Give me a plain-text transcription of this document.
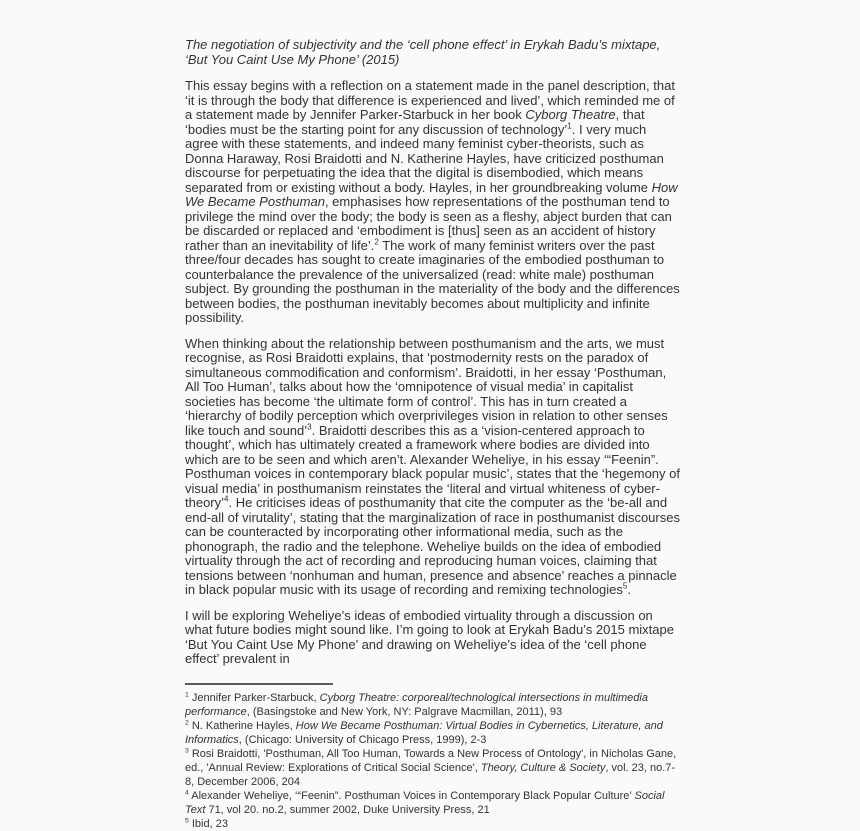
The negotiation of subjectivity and the ‘cell phone effect’ in Erykah Badu’s mixtape, ‘But You Caint Use My Phone’ (2015)

This essay begins with a reflection on a statement made in the panel description, that ‘it is through the body that difference is experienced and lived’, which reminded me of a statement made by Jennifer Parker-Starbuck in her book Cyborg Theatre, that ‘bodies must be the starting point for any discussion of technology’$^1$. I very much agree with these statements, and indeed many feminist cyber-theorists, such as Donna Haraway, Rosi Braidotti and N. Katherine Hayles, have criticized posthuman discourse for perpetuating the idea that the digital is disembodied, which means separated from or existing without a body. Hayles, in her groundbreaking volume How We Became Posthuman, emphasises how representations of the posthuman tend to privilege the mind over the body; the body is seen as a fleshy, abject burden that can be discarded or replaced and ‘embodiment is [thus] seen as an accident of history rather than an inevitability of life’.$^2$ The work of many feminist writers over the past three/four decades has sought to create imaginaries of the embodied posthuman to counterbalance the prevalence of the universalized (read: white male) posthuman subject. By grounding the posthuman in the materiality of the body and the differences between bodies, the posthuman inevitably becomes about multiplicity and infinite possibility.

When thinking about the relationship between posthumanism and the arts, we must recognise, as Rosi Braidotti explains, that ‘postmodernity rests on the paradox of simultaneous commodification and conformism’. Braidotti, in her essay ‘Posthuman, All Too Human’, talks about how the ‘omnipotence of visual media’ in capitalist societies has become ‘the ultimate form of control’. This has in turn created a ‘hierarchy of bodily perception which overprivileges vision in relation to other senses like touch and sound’$^3$. Braidotti describes this as a ‘vision-centered approach to thought’, which has ultimately created a framework where bodies are divided into which are to be seen and which aren’t. Alexander Weheliye, in his essay ‘“Feenin”. Posthuman voices in contemporary black popular music’, states that the ‘hegemony of visual media’ in posthumanism reinstates the ‘literal and virtual whiteness of cyber-theory’$^4$. He criticises ideas of posthumanity that cite the computer as the ‘be-all and end-all of virutality’, stating that the marginalization of race in posthumanist discourses can be counteracted by incorporating other informational media, such as the phonograph, the radio and the telephone. Weheliye builds on the idea of embodied virtuality through the act of recording and reproducing human voices, claiming that tensions between ‘nonhuman and human, presence and absence’ reaches a pinnacle in black popular music with its usage of recording and remixing technologies$^5$.

I will be exploring Weheliye’s ideas of embodied virtuality through a discussion on what future bodies might sound like. I’m going to look at Erykah Badu’s 2015 mixtape ‘But You Caint Use My Phone’ and drawing on Weheliye’s idea of the ‘cell phone effect’ prevalent in

$^1$ Jennifer Parker-Starbuck, Cyborg Theatre: corporeal/technological intersections in multimedia performance, (Basingstoke and New York, NY: Palgrave Macmillan, 2011), 93
$^2$ N. Katherine Hayles, How We Became Posthuman: Virtual Bodies in Cybernetics, Literature, and Informatics, (Chicago: University of Chicago Press, 1999), 2-3
$^3$ Rosi Braidotti, 'Posthuman, All Too Human, Towards a New Process of Ontology', in Nicholas Gane, ed., 'Annual Review: Explorations of Critical Social Science', Theory, Culture & Society, vol. 23, no.7-8, December 2006, 204
$^4$ Alexander Weheliye, ‘“Feenin”. Posthuman Voices in Contemporary Black Popular Culture’ Social Text 71, vol 20. no.2, summer 2002, Duke University Press, 21
$^5$ Ibid, 23
